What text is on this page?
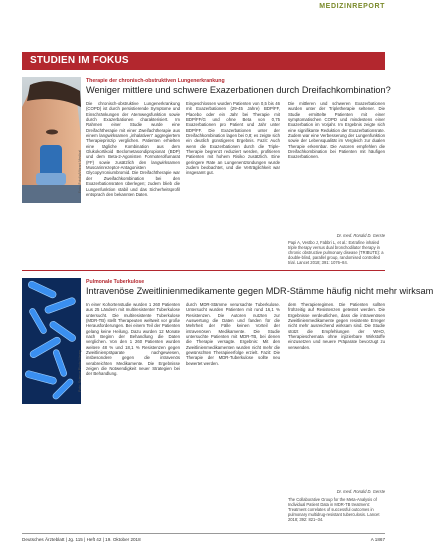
MEDIZINREPORT
STUDIEN IM FOKUS
Foto: Fotolia/Vibrant Medical
Therapie der chronisch-obstruktiven Lungenerkrankung
Weniger mittlere und schwere Exazerbationen durch Dreifachkombination?

Die chronisch-obstruktive Lungenerkrankung (COPD) ist durch persistierende Symptome und Einschränkungen der Atemwegsfunktion sowie durch Exazerbationen charakterisiert. Im Rahmen einer Studie wurde eine Dreifachtherapie mit einer Zweifachtherapie aus einem langwirksamen „inhalativen“ aggregiertem Therapieprinzip verglichen. Patienten erhielten eine tägliche Kombination aus dem Glukokortikoid Beclometasondipropionat (BDP) und dem Beta-2-Agonisten Formoterolfumarat (FF) sowie zusätzlich den langwirksamen Muscarinrezeptor-Antagonisten Glycopyrroniumbromid. Die Dreifachtherapie war der Zweifachkombination bei den Exazerbationsraten überlegen; zudem blieb die Lungenfunktion stabil und das Sicherheitsprofil entsprach den bekannten Daten.

Eingeschlossen wurden Patienten von 0,5 bis 46 mit Exazerbationen (29-45 Jahre) BDP/FF, Placebo oder ein Jahr bei Therapie mit BDP/FF/G und ohne Beta von 0,75 Exazerbationen pro Patient und Jahr unter BDP/FF. Die Exazerbationen unter der Dreifachkombination lagen bei 0,8; es zeigte sich ein deutlich günstigeres Ergebnis. Fazit: Auch wenn die Exazerbationen durch die Triple-Therapie begrenzt reduziert werden, profitieren Patienten mit hohem Risiko zusätzlich. Eine geringere Rate an Lungenentzündungen wurde zudem beobachtet, und die Verträglichkeit war insgesamt gut.

Die mittleren und schweren Exazerbationen wurden unter der Tripletherapie seltener. Die Studie ermittelte Patienten mit einer symptomatischen COPD und mindestens einer Exazerbation im Vorjahr. Im Ergebnis zeigte sich eine signifikante Reduktion der Exazerbationsrate. Zudem war eine Verbesserung der Lungenfunktion sowie der Lebensqualität im Vergleich zur dualen Therapie erkennbar. Die Autoren empfehlen die Dreifachkombination bei Patienten mit häufigen Exazerbationen.

Dr. med. Ronald D. Gerste
Papi A, Vestbo J, Fabbri L, et al.: Extrafine inhaled triple therapy versus dual bronchodilator therapy in chronic obstructive pulmonary disease (TRIBUTE): a double-blind, parallel group, randomised controlled trial. Lancet 2018; 391: 1076–84.
Foto: Science Photo Library
Pulmonale Tuberkulose
Intravenöse Zweitlinienmedikamente gegen MDR-Stämme häufig nicht mehr wirksam

In einer Kohortenstudie wurden 1 260 Patienten aus 25 Ländern mit multiresistenter Tuberkulose untersucht. Die multiresistente Tuberkulose (MDR-TB) stellt Therapeuten weltweit vor große Herausforderungen. Bei einem Teil der Patienten gelang keine Heilung. Dazu wurden 12 Monate nach Beginn der Behandlung die Daten verglichen. Von den 1 260 Patienten wurden weitere 48 % und 18,1 % Resistenzen gegen Zweitlinienpräparate nachgewiesen, insbesondere gegen die intravenös verabreichten Medikamente. Die Ergebnisse zeigen die Notwendigkeit neuer Strategien bei der Behandlung.

durch MDR-Stämme verursachte Tuberkulose. Untersucht wurden Patienten mit rund 16,1 % Resistenzen. Die Autoren nutzten zur Auswertung die Daten und fanden für die Mehrheit der Fälle keinen Vorteil der intravenösen Medikamente. Die Studie untersuchte Patienten mit MDR-TB, bei denen die Therapie versagte. Ergebnis: Mit den Zweitlinienmedikamenten wurden nicht mehr die gewünschten Therapieerfolge erzielt. Fazit: Die Therapie der MDR-Tuberkulose sollte neu bewertet werden.

dem Therapieregimen. Die Patienten sollten frühzeitig auf Resistenzen getestet werden. Die Ergebnisse verdeutlichen, dass die intravenösen Zweitlinienmedikamente gegen resistente Erreger nicht mehr ausreichend wirksam sind. Die Studie stützt die Empfehlungen der WHO, Therapieschemata ohne injizierbare Wirkstoffe einzusetzen und neuere Präparate bevorzugt zu verwenden.

Dr. med. Ronald D. Gerste
The Collaborative Group for the Meta-Analysis of Individual Patient Data in MDR-TB treatment: Treatment correlates of successful outcomes in pulmonary multidrug-resistant tuberculosis. Lancet 2018; 392: 821–34.
Deutsches Ärzteblatt | Jg. 115 | Heft 42 | 19. Oktober 2018	A 1867
